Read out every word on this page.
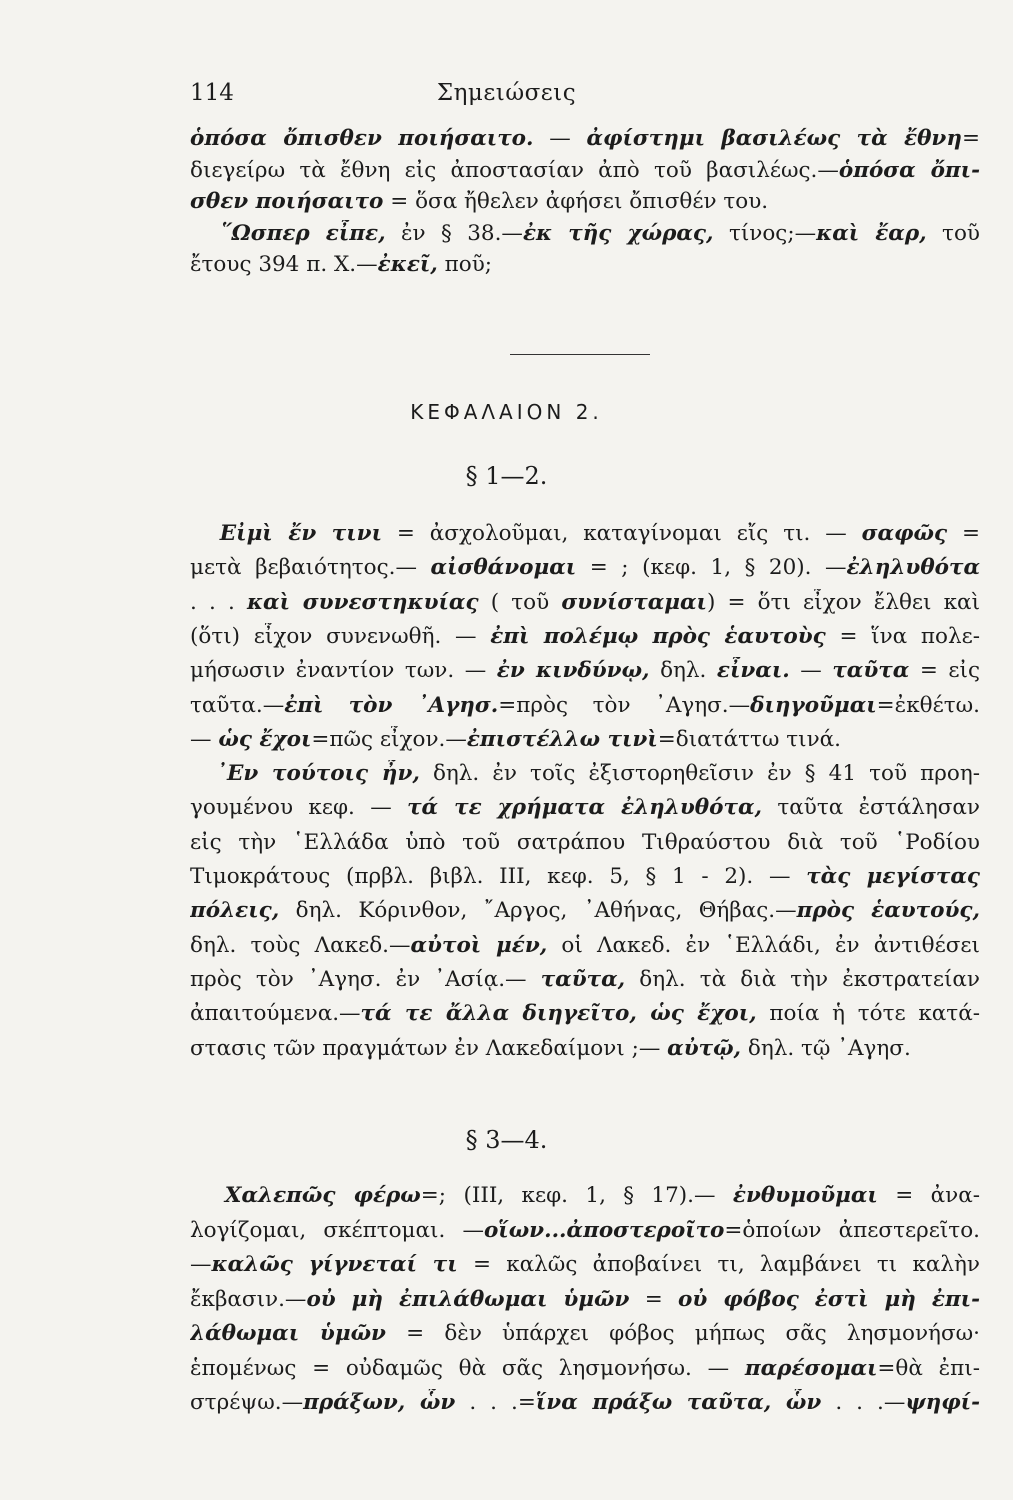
114	Σημειώσεις
ὁπόσα ὄπισθεν ποιήσαιτο. — ἀφίστημι βασιλέως τὰ ἔθνη=
διεγείρω τὰ ἔθνη εἰς ἀποστασίαν ἀπὸ τοῦ βασιλέως.—ὁπόσα ὄπι-
σθεν ποιήσαιτο = ὅσα ἤθελεν ἀφήσει ὄπισθέν του.
῞Ωσπερ εἶπε, ἐν § 38.—ἐκ τῆς χώρας, τίνος;—καὶ ἔαρ, τοῦ
ἔτους 394 π. Χ.—ἐκεῖ, ποῦ;
ΚΕΦΑΛΑΙΟΝ 2.
§ 1—2.
Εἰμὶ ἔν τινι = ἀσχολοῦμαι, καταγίνομαι εἴς τι. — σαφῶς =
μετὰ βεβαιότητος.— αἰσθάνομαι = ; (κεφ. 1, § 20). —ἐληλυθότα
. . . καὶ συνεστηκυίας ( τοῦ συνίσταμαι) = ὅτι εἶχον ἔλθει καὶ
(ὅτι) εἶχον συνενωθῆ. — ἐπὶ πολέμῳ πρὸς ἑαυτοὺς = ἵνα πολε-
μήσωσιν ἐναντίον των. — ἐν κινδύνῳ, δηλ. εἶναι. — ταῦτα = εἰς
ταῦτα.—ἐπὶ τὸν ᾿Αγησ.=πρὸς τὸν ᾿Αγησ.—διηγοῦμαι=ἐκθέτω.
— ὡς ἔχοι=πῶς εἶχον.—ἐπιστέλλω τινὶ=διατάττω τινά.
᾿Εν τούτοις ἦν, δηλ. ἐν τοῖς ἐξιστορηθεῖσιν ἐν § 41 τοῦ προη-
γουμένου κεφ. — τά τε χρήματα ἐληλυθότα, ταῦτα ἐστάλησαν
εἰς τὴν ῾Ελλάδα ὑπὸ τοῦ σατράπου Τιθραύστου διὰ τοῦ ῾Ροδίου
Τιμοκράτους (πρβλ. βιβλ. III, κεφ. 5, § 1 - 2). — τὰς μεγίστας
πόλεις, δηλ. Κόρινθον, ῎Αργος, ᾿Αθήνας, Θήβας.—πρὸς ἑαυτούς,
δηλ. τοὺς Λακεδ.—αὐτοὶ μέν, οἱ Λακεδ. ἐν ῾Ελλάδι, ἐν ἀντιθέσει
πρὸς τὸν ᾿Αγησ. ἐν ᾿Ασίᾳ.— ταῦτα, δηλ. τὰ διὰ τὴν ἐκστρατείαν
ἀπαιτούμενα.—τά τε ἄλλα διηγεῖτο, ὡς ἔχοι, ποία ἡ τότε κατά-
στασις τῶν πραγμάτων ἐν Λακεδαίμονι ;— αὐτῷ, δηλ. τῷ ᾿Αγησ.
§ 3—4.
Χαλεπῶς φέρω=; (III, κεφ. 1, § 17).— ἐνθυμοῦμαι = ἀνα-
λογίζομαι, σκέπτομαι. —οἵων...ἀποστεροῖτο=ὁποίων ἀπεστερεῖτο.
—καλῶς γίγνεταί τι = καλῶς ἀποβαίνει τι, λαμβάνει τι καλὴν
ἔκβασιν.—οὐ μὴ ἐπιλάθωμαι ὑμῶν = οὐ φόβος ἐστὶ μὴ ἐπι-
λάθωμαι ὑμῶν = δὲν ὑπάρχει φόβος μήπως σᾶς λησμονήσω·
ἑπομένως = οὐδαμῶς θὰ σᾶς λησμονήσω. — παρέσομαι=θὰ ἐπι-
στρέψω.—πράξων, ὧν . . .=ἵνα πράξω ταῦτα, ὧν . . .—ψηφί-
